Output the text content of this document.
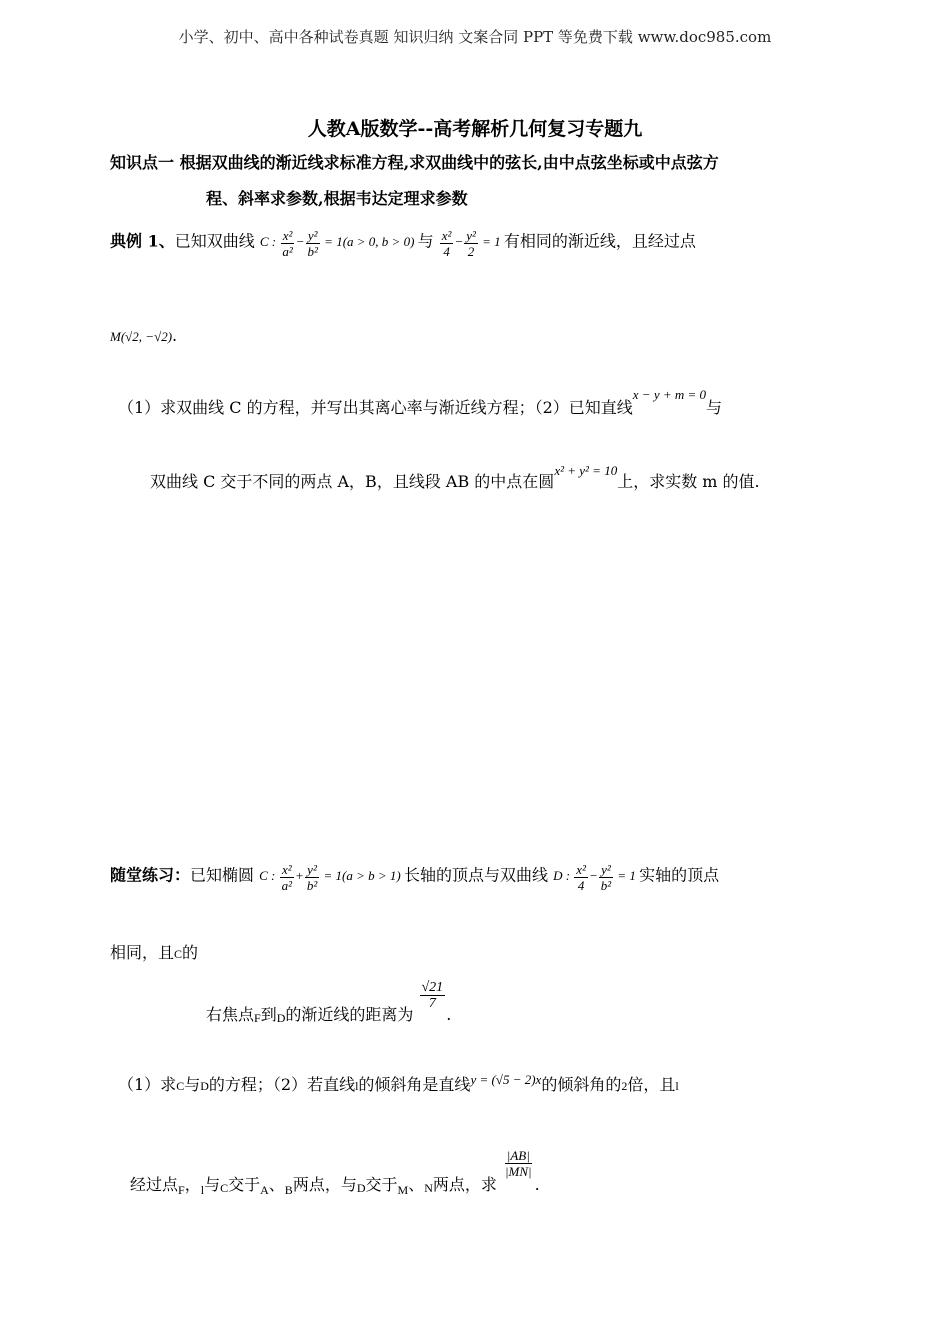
小学、初中、高中各种试卷真题 知识归纳 文案合同 PPT 等免费下载 www.doc985.com
人教A版数学--高考解析几何复习专题九
知识点一 根据双曲线的渐近线求标准方程,求双曲线中的弦长,由中点弦坐标或中点弦方
程、斜率求参数,根据韦达定理求参数
典例 1、已知双曲线 C : $\frac{\text{x²}}{\text{a²}} - \frac{\text{y²}}{\text{b²}} = 1(a > 0$, b > 0) 与 $\frac{\text{x²}}{4} - \frac{\text{y²}}{2} = 1$ 有相同的渐近线，且经过点
M(√2, −√2).
（1）求双曲线 C 的方程，并写出其离心率与渐近线方程；（2）已知直线$^{x - y + m = 0}$与
双曲线 C 交于不同的两点 A，B，且线段 AB 的中点在圆$^{x^2 + y^2 = 10}$上，求实数 m 的值.
随堂练习：已知椭圆 C : $\frac{\text{x²}}{\text{a²}} + \frac{\text{y²}}{\text{b²}} = 1(a > b > 1)$ 长轴的顶点与双曲线 D : $\frac{\text{x²}}{4} - \frac{\text{y²}}{\text{b²}} = 1$ 实轴的顶点
相同，且C的
右焦点$_F$到$_D$的渐近线的距离为
$\frac{√21}{7}$
.
（1）求C与D的方程；（2）若直线l的倾斜角是直线$^{y = (√5 - 2)x}$的倾斜角的2倍，且l
经过点$_F$，$_l$与$_C$交于$_A$、$_B$两点，与$_D$交于$_M$、$_N$两点，求
$\frac{|AB|}{|MN|}$
.
